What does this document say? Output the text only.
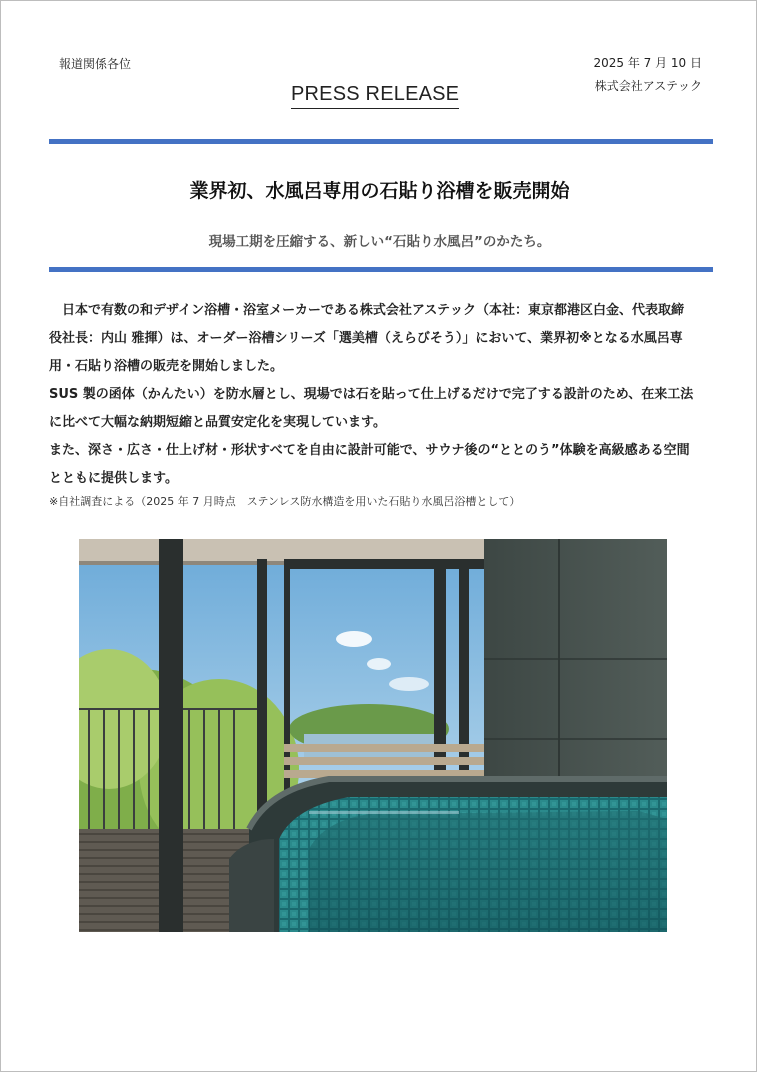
報道関係各位	2025 年 7 月 10 日
株式会社アステック
PRESS RELEASE
業界初、水風呂専用の石貼り浴槽を販売開始
現場工期を圧縮する、新しい“石貼り水風呂”のかたち。

日本で有数の和デザイン浴槽・浴室メーカーである株式会社アステック（本社：東京都港区白金、代表取締

役社長：内山 雅揮）は、オーダー浴槽シリーズ「選美槽（えらびそう）」において、業界初※となる水風呂専

用・石貼り浴槽の販売を開始しました。

SUS 製の函体（かんたい）を防水層とし、現場では石を貼って仕上げるだけで完了する設計のため、在来工法

に比べて大幅な納期短縮と品質安定化を実現しています。

また、深さ・広さ・仕上げ材・形状すべてを自由に設計可能で、サウナ後の“ととのう”体験を高級感ある空間

とともに提供します。

※自社調査による（2025 年 7 月時点　ステンレス防水構造を用いた石貼り水風呂浴槽として）
